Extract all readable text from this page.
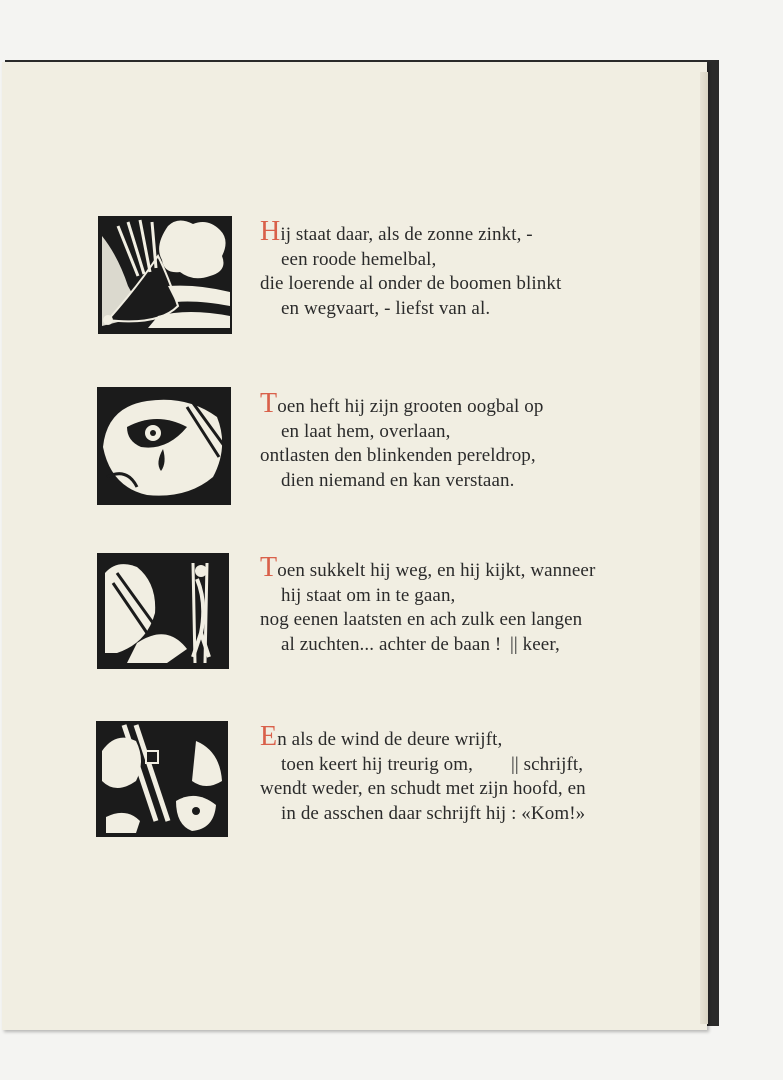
Hij staat daar, als de zonne zinkt, -
een roode hemelbal,
die loerende al onder de boomen blinkt
en wegvaart, - liefst van al.
Toen heft hij zijn grooten oogbal op
en laat hem, overlaan,
ontlasten den blinkenden pereldrop,
dien niemand en kan verstaan.
Toen sukkelt hij weg, en hij kijkt, wanneer
hij staat om in te gaan,
nog eenen laatsten en ach zulk een langen
al zuchten... achter de baan ! || keer,
En als de wind de deure wrijft,
toen keert hij treurig om, || schrijft,
wendt weder, en schudt met zijn hoofd, en
in de asschen daar schrijft hij : «Kom!»
